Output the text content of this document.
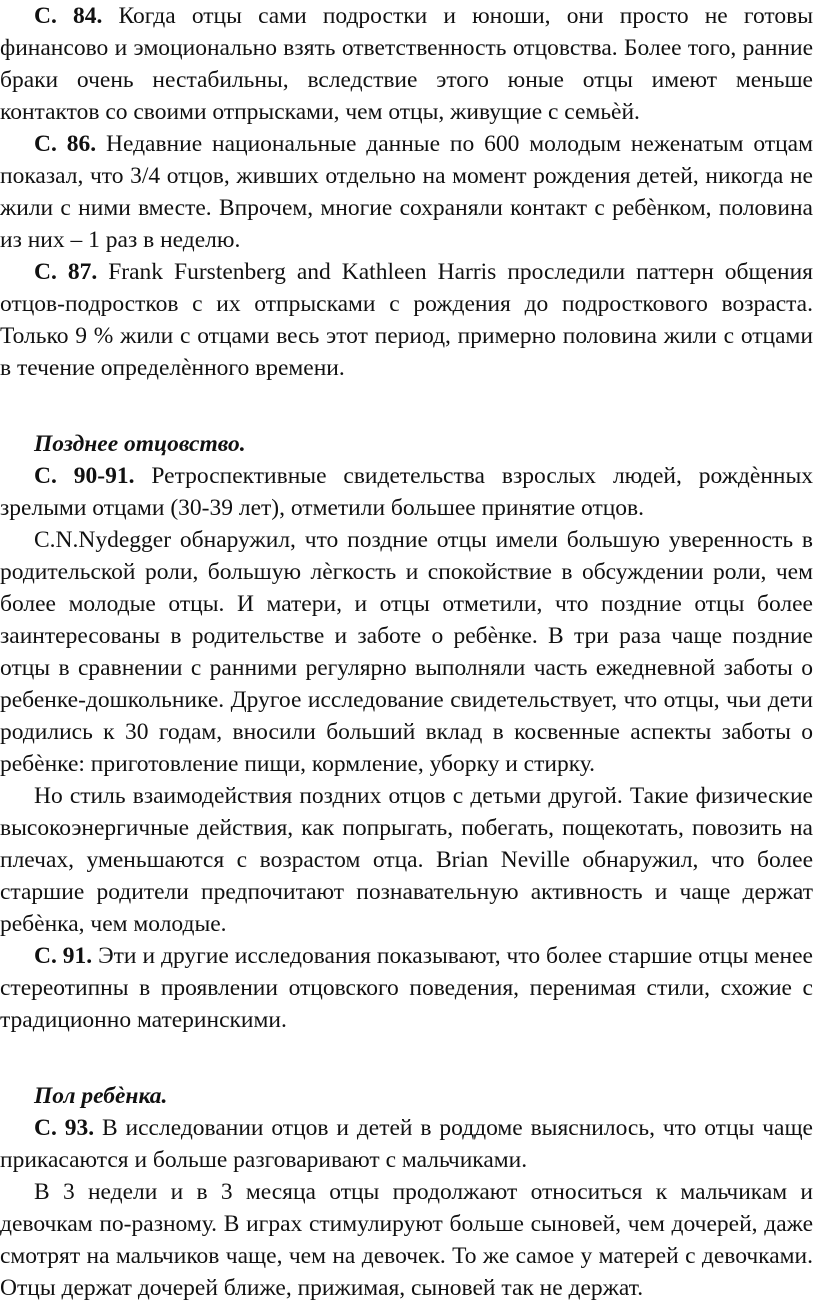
С. 84. Когда отцы сами подростки и юноши, они просто не готовы финансово и эмоционально взять ответственность отцовства. Более того, ранние браки очень нестабильны, вследствие этого юные отцы имеют меньше контактов со своими отпрысками, чем отцы, живущие с семьѐй.

С. 86. Недавние национальные данные по 600 молодым неженатым отцам показал, что 3/4 отцов, живших отдельно на момент рождения детей, никогда не жили с ними вместе. Впрочем, многие сохраняли контакт с ребѐнком, половина из них – 1 раз в неделю.

С. 87. Frank Furstenberg and Kathleen Harris проследили паттерн общения отцов-подростков с их отпрысками с рождения до подросткового возраста. Только 9 % жили с отцами весь этот период, примерно половина жили с отцами в течение определѐнного времени.

Позднее отцовство.

С. 90-91. Ретроспективные свидетельства взрослых людей, рождѐнных зрелыми отцами (30-39 лет), отметили большее принятие отцов.

C.N.Nydegger обнаружил, что поздние отцы имели большую уверенность в родительской роли, большую лѐгкость и спокойствие в обсуждении роли, чем более молодые отцы. И матери, и отцы отметили, что поздние отцы более заинтересованы в родительстве и заботе о ребѐнке. В три раза чаще поздние отцы в сравнении с ранними регулярно выполняли часть ежедневной заботы о ребенке-дошкольнике. Другое исследование свидетельствует, что отцы, чьи дети родились к 30 годам, вносили больший вклад в косвенные аспекты заботы о ребѐнке: приготовление пищи, кормление, уборку и стирку.

Но стиль взаимодействия поздних отцов с детьми другой. Такие физические высокоэнергичные действия, как попрыгать, побегать, пощекотать, повозить на плечах, уменьшаются с возрастом отца. Brian Neville обнаружил, что более старшие родители предпочитают познавательную активность и чаще держат ребѐнка, чем молодые.

С. 91. Эти и другие исследования показывают, что более старшие отцы менее стереотипны в проявлении отцовского поведения, перенимая стили, схожие с традиционно материнскими.

Пол ребѐнка.

С. 93. В исследовании отцов и детей в роддоме выяснилось, что отцы чаще прикасаются и больше разговаривают с мальчиками.

В 3 недели и в 3 месяца отцы продолжают относиться к мальчикам и девочкам по-разному. В играх стимулируют больше сыновей, чем дочерей, даже смотрят на мальчиков чаще, чем на девочек. То же самое у матерей с девочками. Отцы держат дочерей ближе, прижимая, сыновей так не держат.
